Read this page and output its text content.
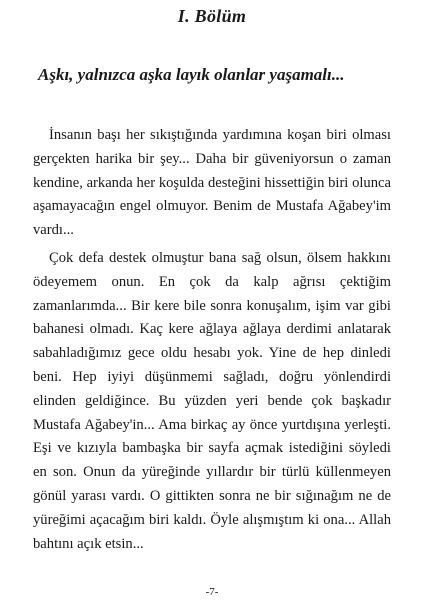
I. Bölüm

Aşkı, yalnızca aşka layık olanlar yaşamalı...

İnsanın başı her sıkıştığında yardımına koşan biri olması gerçekten harika bir şey... Daha bir güveniyorsun o zaman kendine, arkanda her koşulda desteğini hissettiğin biri olunca aşamayacağın engel olmuyor. Benim de Mustafa Ağabey'im vardı...

Çok defa destek olmuştur bana sağ olsun, ölsem hakkını ödeyemem onun. En çok da kalp ağrısı çektiğim zamanlarımda... Bir kere bile sonra konuşalım, işim var gibi bahanesi olmadı. Kaç kere ağlaya ağlaya derdimi anlatarak sabahladığımız gece oldu hesabı yok. Yine de hep dinledi beni. Hep iyiyi düşünmemi sağladı, doğru yönlendirdi elinden geldiğince. Bu yüzden yeri bende çok başkadır Mustafa Ağabey'in... Ama birkaç ay önce yurtdışına yerleşti. Eşi ve kızıyla bambaşka bir sayfa açmak istediğini söyledi en son. Onun da yüreğinde yıllardır bir türlü küllenmeyen gönül yarası vardı. O gittikten sonra ne bir sığınağım ne de yüreğimi açacağım biri kaldı. Öyle alışmıştım ki ona... Allah bahtını açık etsin...

-7-
